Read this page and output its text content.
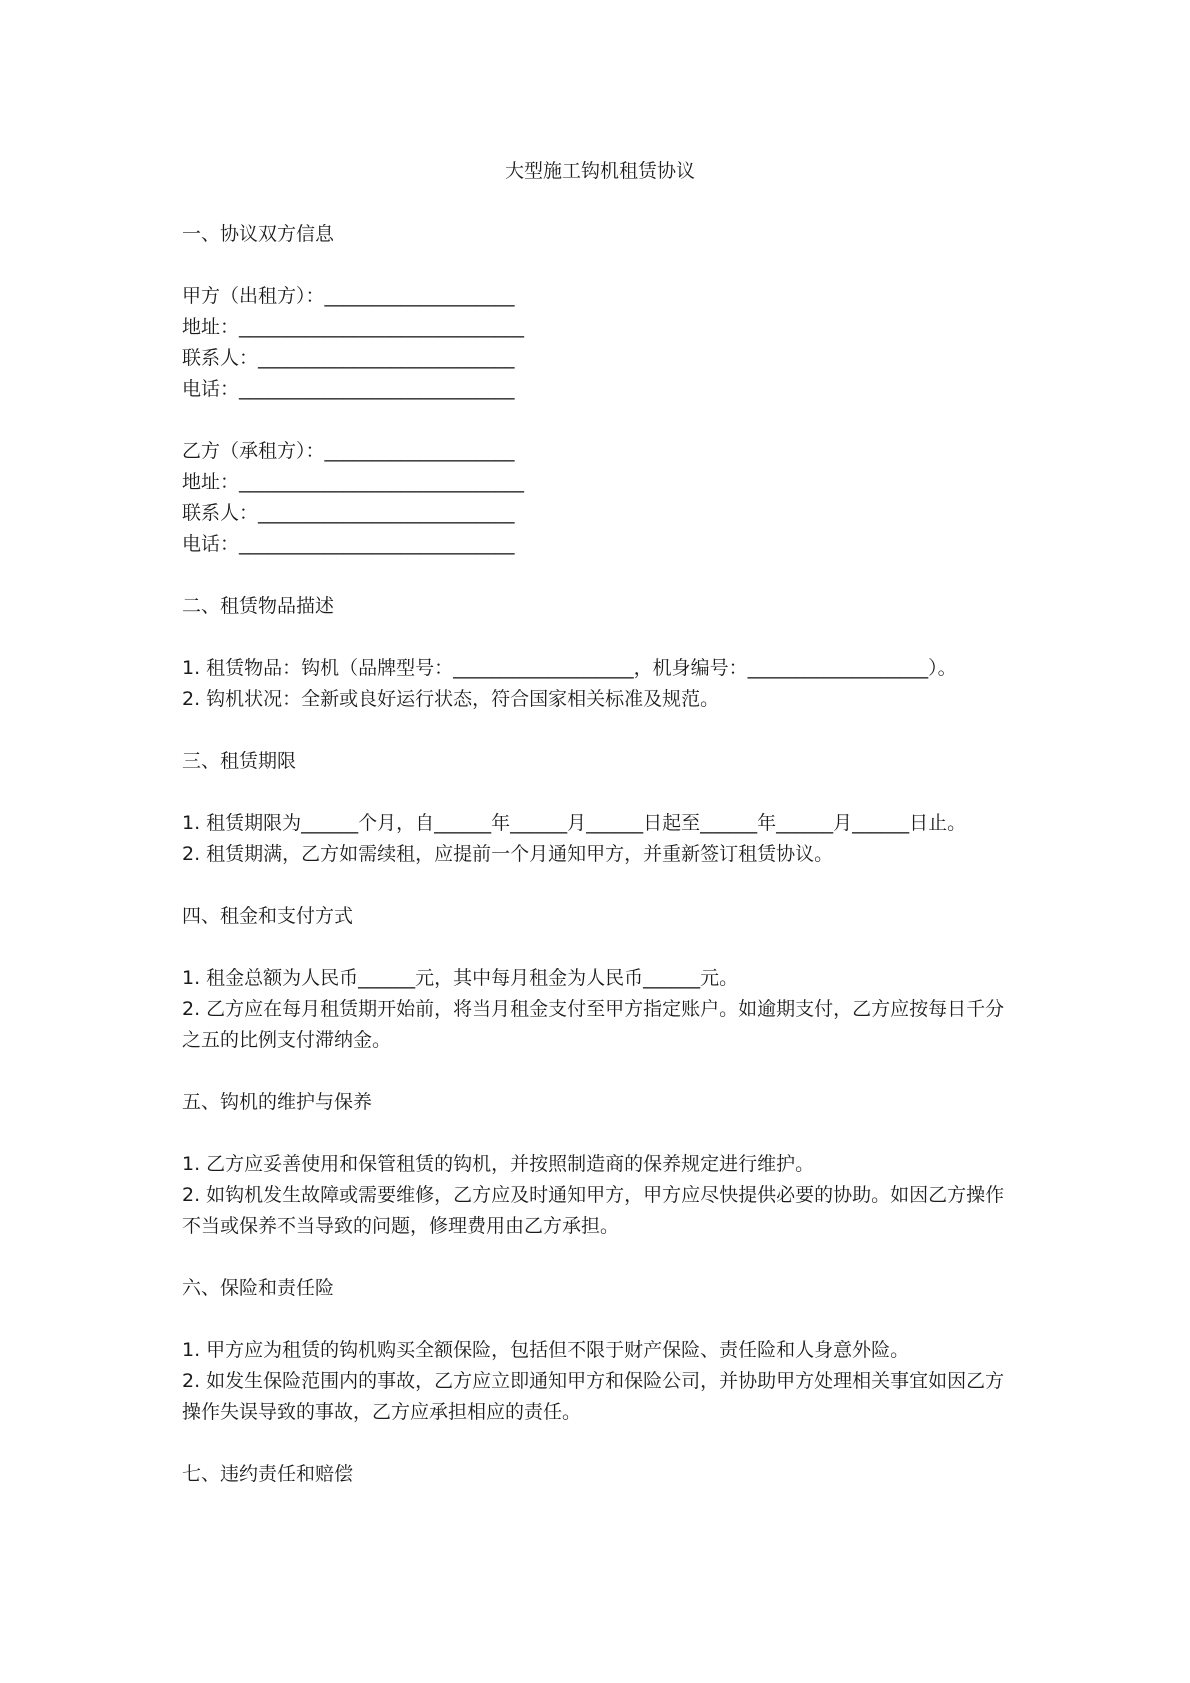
大型施工钩机租赁协议

一、协议双方信息

甲方（出租方）：____________________

地址：______________________________

联系人：___________________________

电话：_____________________________

乙方（承租方）：____________________

地址：______________________________

联系人：___________________________

电话：_____________________________

二、租赁物品描述

1. 租赁物品：钩机（品牌型号：___________________，机身编号：___________________）。

2. 钩机状况：全新或良好运行状态，符合国家相关标准及规范。

三、租赁期限

1. 租赁期限为______个月，自______年______月______日起至______年______月______日止。

2. 租赁期满，乙方如需续租，应提前一个月通知甲方，并重新签订租赁协议。

四、租金和支付方式

1. 租金总额为人民币______元，其中每月租金为人民币______元。

2. 乙方应在每月租赁期开始前，将当月租金支付至甲方指定账户。如逾期支付，乙方应按每日千分之五的比例支付滞纳金。

五、钩机的维护与保养

1. 乙方应妥善使用和保管租赁的钩机，并按照制造商的保养规定进行维护。

2. 如钩机发生故障或需要维修，乙方应及时通知甲方，甲方应尽快提供必要的协助。如因乙方操作不当或保养不当导致的问题，修理费用由乙方承担。

六、保险和责任险

1. 甲方应为租赁的钩机购买全额保险，包括但不限于财产保险、责任险和人身意外险。

2. 如发生保险范围内的事故，乙方应立即通知甲方和保险公司，并协助甲方处理相关事宜如因乙方操作失误导致的事故，乙方应承担相应的责任。

七、违约责任和赔偿
